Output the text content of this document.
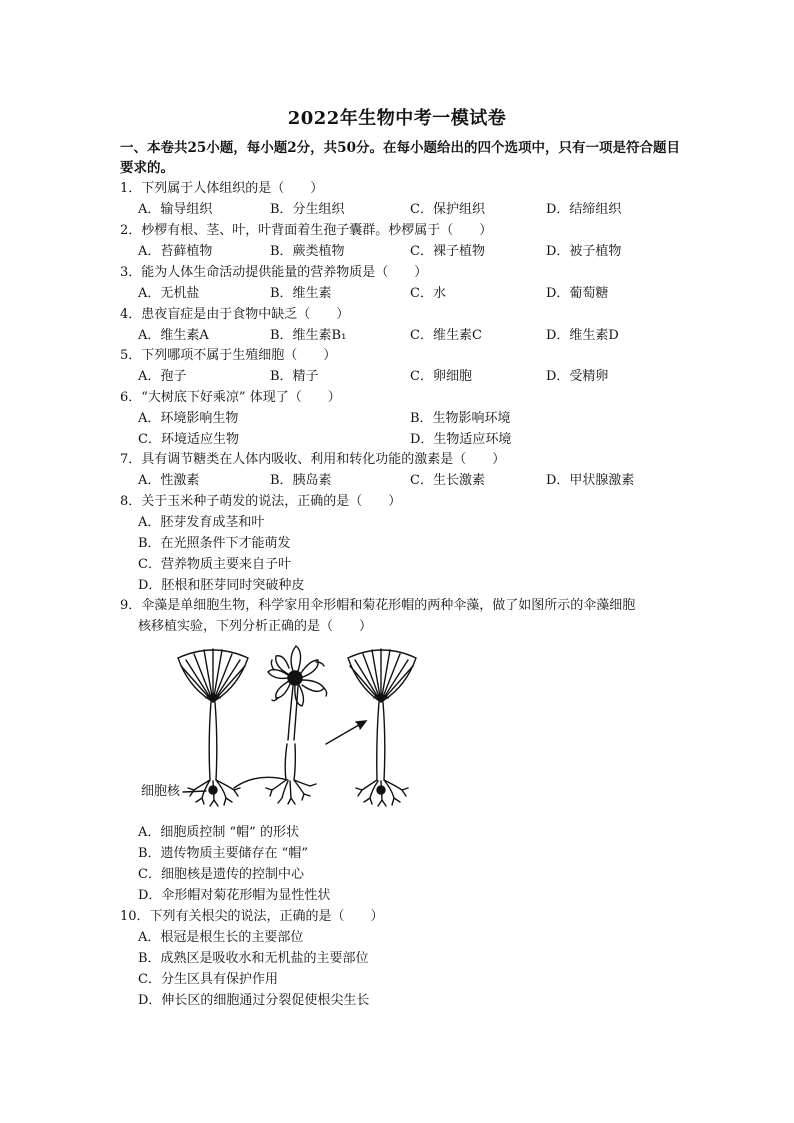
2022年生物中考一模试卷
一、本卷共25小题，每小题2分，共50分。在每小题给出的四个选项中，只有一项是符合题目要求的。
1．下列属于人体组织的是（　　）
A．输导组织	B．分生组织	C．保护组织	D．结缔组织
2．杪椤有根、茎、叶，叶背面着生孢子囊群。杪椤属于（　　）
A．苔藓植物	B．蕨类植物	C．裸子植物	D．被子植物
3．能为人体生命活动提供能量的营养物质是（　　）
A．无机盐	B．维生素	C．水	D．葡萄糖
4．患夜盲症是由于食物中缺乏（　　）
A．维生素A	B．维生素B₁	C．维生素C	D．维生素D
5．下列哪项不属于生殖细胞（　　）
A．孢子	B．精子	C．卵细胞	D．受精卵
6．“大树底下好乘凉” 体现了（　　）
A．环境影响生物	B．生物影响环境
C．环境适应生物	D．生物适应环境
7．具有调节糖类在人体内吸收、利用和转化功能的激素是（　　）
A．性激素	B．胰岛素	C．生长激素	D．甲状腺激素
8．关于玉米种子萌发的说法，正确的是（　　）
A．胚芽发育成茎和叶
B．在光照条件下才能萌发
C．营养物质主要来自子叶
D．胚根和胚芽同时突破种皮
9．伞藻是单细胞生物，科学家用伞形帽和菊花形帽的两种伞藻，做了如图所示的伞藻细胞
核移植实验，下列分析正确的是（　　）
细胞核
A．细胞质控制 “帽” 的形状
B．遗传物质主要储存在 “帽”
C．细胞核是遗传的控制中心
D．伞形帽对菊花形帽为显性性状
10．下列有关根尖的说法，正确的是（　　）
A．根冠是根生长的主要部位
B．成熟区是吸收水和无机盐的主要部位
C．分生区具有保护作用
D．伸长区的细胞通过分裂促使根尖生长
